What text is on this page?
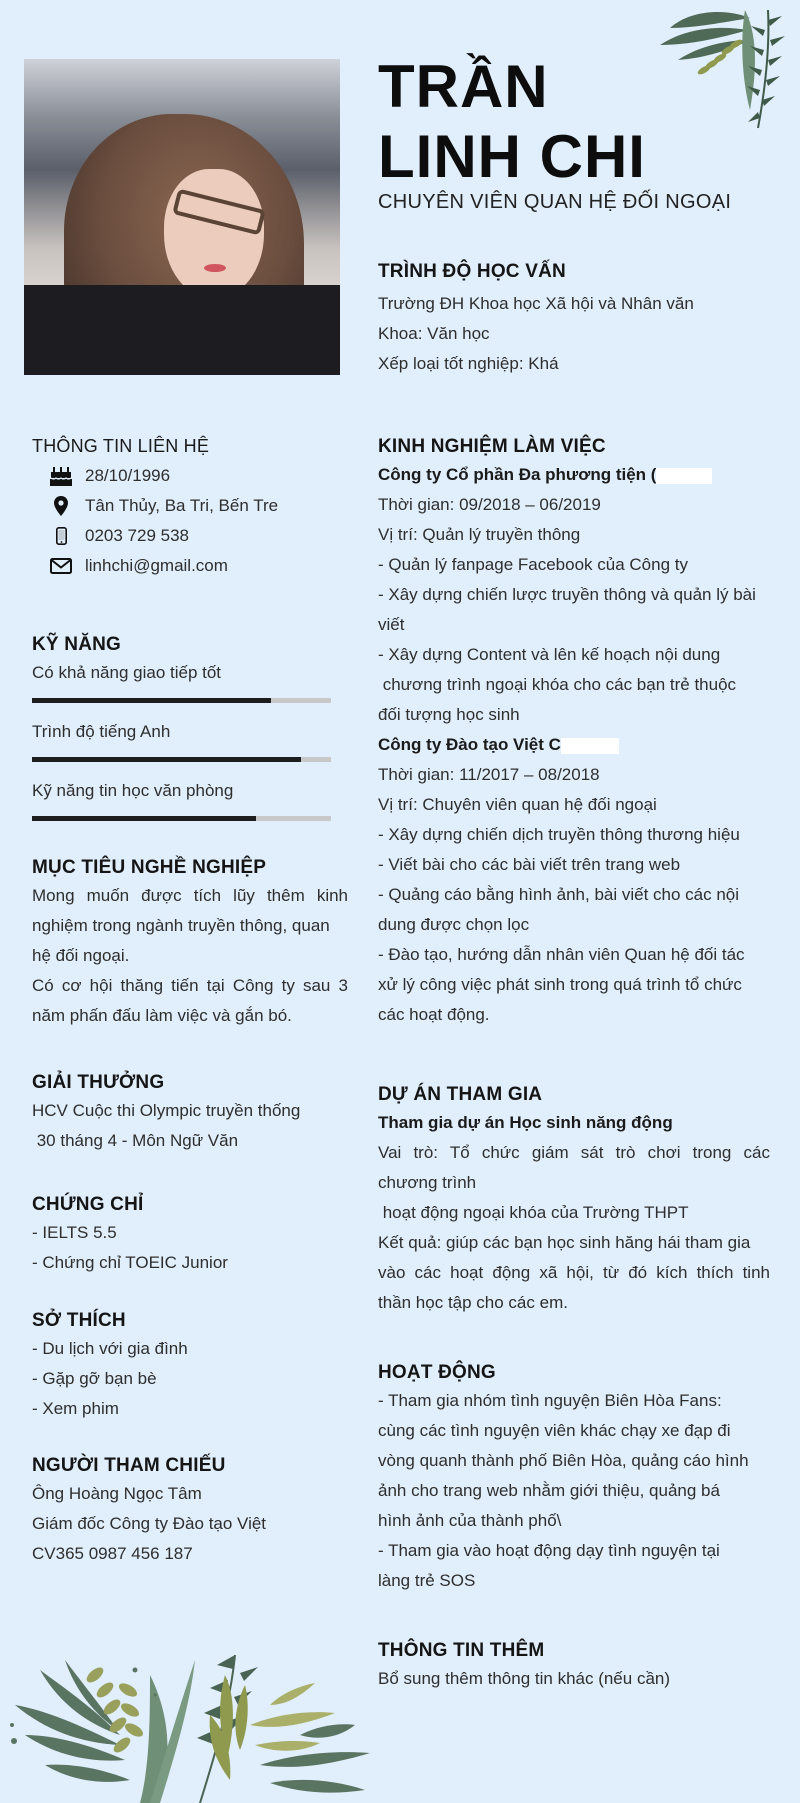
TRẦN
LINH CHI
CHUYÊN VIÊN QUAN HỆ ĐỐI NGOẠI
TRÌNH ĐỘ HỌC VẤN
Trường ĐH Khoa học Xã hội và Nhân văn
Khoa: Văn học
Xếp loại tốt nghiệp: Khá
THÔNG TIN LIÊN HỆ
28/10/1996
Tân Thủy, Ba Tri, Bến Tre
0203 729 538
linhchi@gmail.com
KỸ NĂNG
Có khả năng giao tiếp tốt
Trình độ tiếng Anh
Kỹ năng tin học văn phòng
MỤC TIÊU NGHỀ NGHIỆP
Mong muốn được tích lũy thêm kinh
nghiệm trong ngành truyền thông, quan
hệ đối ngoại.
Có cơ hội thăng tiến tại Công ty sau 3
năm phấn đấu làm việc và gắn bó.
GIẢI THƯỞNG
HCV Cuộc thi Olympic truyền thống
30 tháng 4 - Môn Ngữ Văn
CHỨNG CHỈ
- IELTS 5.5
- Chứng chỉ TOEIC Junior
SỞ THÍCH
- Du lịch với gia đình
- Gặp gỡ bạn bè
- Xem phim
NGƯỜI THAM CHIẾU
Ông Hoàng Ngọc Tâm
Giám đốc Công ty Đào tạo Việt
CV365 0987 456 187
KINH NGHIỆM LÀM VIỆC
Công ty Cổ phần Đa phương tiện (
Thời gian: 09/2018 – 06/2019
Vị trí: Quản lý truyền thông
- Quản lý fanpage Facebook của Công ty
- Xây dựng chiến lược truyền thông và quản lý bài
viết
- Xây dựng Content và lên kế hoạch nội dung
chương trình ngoại khóa cho các bạn trẻ thuộc
đối tượng học sinh
Công ty Đào tạo Việt C
Thời gian: 11/2017 – 08/2018
Vị trí: Chuyên viên quan hệ đối ngoại
- Xây dựng chiến dịch truyền thông thương hiệu
- Viết bài cho các bài viết trên trang web
- Quảng cáo bằng hình ảnh, bài viết cho các nội
dung được chọn lọc
- Đào tạo, hướng dẫn nhân viên Quan hệ đối tác
xử lý công việc phát sinh trong quá trình tổ chức
các hoạt động.
DỰ ÁN THAM GIA
Tham gia dự án Học sinh năng động
Vai trò: Tổ chức giám sát trò chơi trong các
chương trình
hoạt động ngoại khóa của Trường THPT
Kết quả: giúp các bạn học sinh hăng hái tham gia
vào các hoạt động xã hội, từ đó kích thích tinh
thần học tập cho các em.
HOẠT ĐỘNG
- Tham gia nhóm tình nguyện Biên Hòa Fans:
cùng các tình nguyện viên khác chạy xe đạp đi
vòng quanh thành phố Biên Hòa, quảng cáo hình
ảnh cho trang web nhằm giới thiệu, quảng bá
hình ảnh của thành phố\
- Tham gia vào hoạt động dạy tình nguyện tại
làng trẻ SOS
THÔNG TIN THÊM
Bổ sung thêm thông tin khác (nếu cần)
